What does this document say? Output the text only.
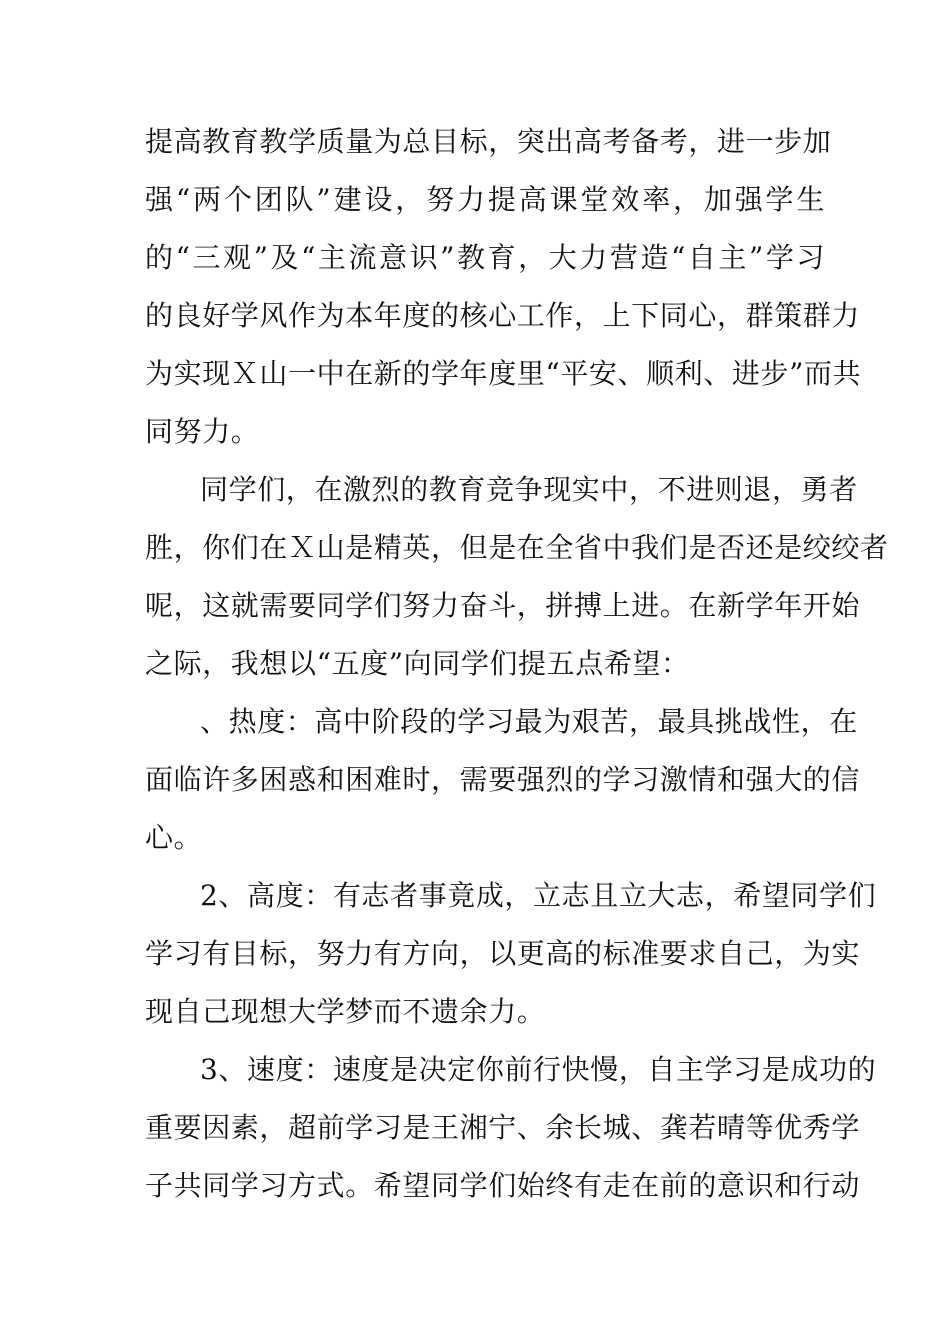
提高教育教学质量为总目标，突出高考备考，进一步加
强“两个团队”建设，努力提高课堂效率，加强学生
的“三观”及“主流意识”教育，大力营造“自主”学习
的良好学风作为本年度的核心工作，上下同心，群策群力
为实现Ｘ山一中在新的学年度里“平安、顺利、进步”而共
同努力。
同学们，在激烈的教育竞争现实中，不进则退，勇者
胜，你们在Ｘ山是精英，但是在全省中我们是否还是绞绞者
呢，这就需要同学们努力奋斗，拼搏上进。在新学年开始
之际，我想以“五度”向同学们提五点希望：
、热度：高中阶段的学习最为艰苦，最具挑战性，在
面临许多困惑和困难时，需要强烈的学习激情和强大的信
心。
2、高度：有志者事竟成，立志且立大志，希望同学们
学习有目标，努力有方向，以更高的标准要求自己，为实
现自己现想大学梦而不遗余力。
3、速度：速度是决定你前行快慢，自主学习是成功的
重要因素，超前学习是王湘宁、余长城、龚若晴等优秀学
子共同学习方式。希望同学们始终有走在前的意识和行动
